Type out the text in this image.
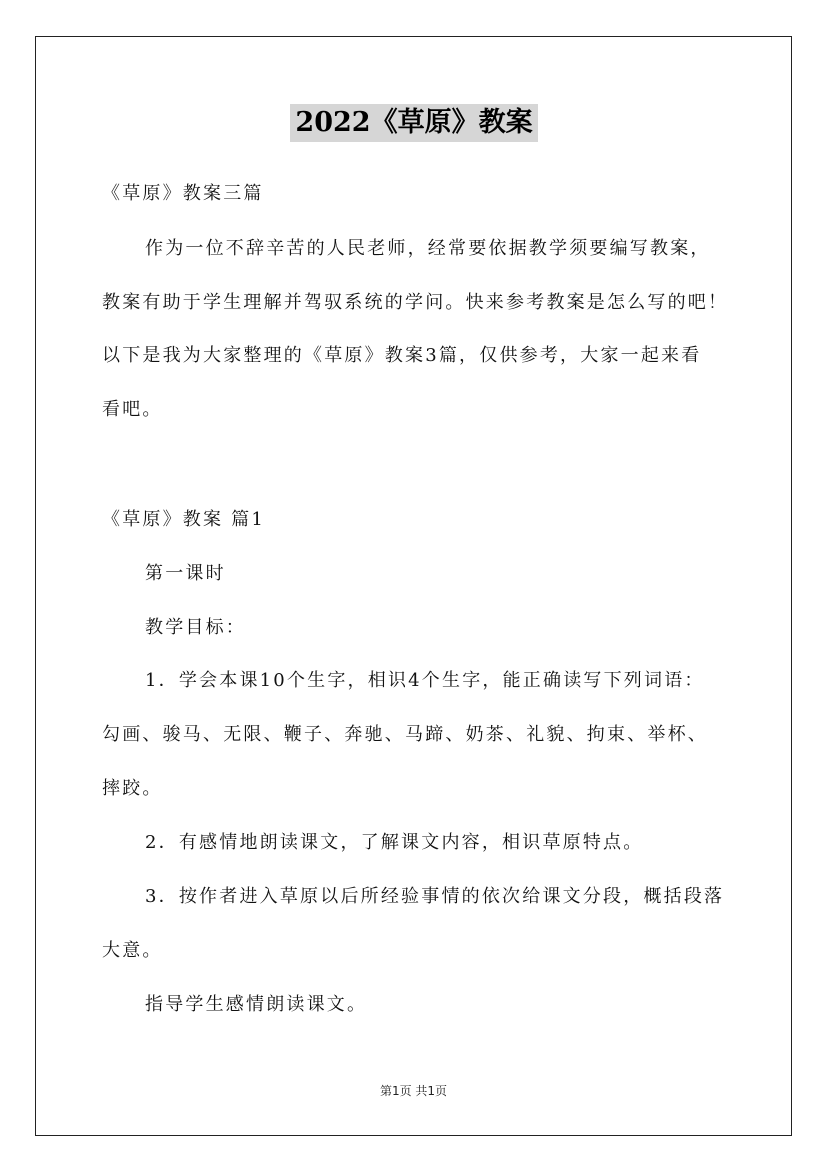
2022《草原》教案

《草原》教案三篇

作为一位不辞辛苦的人民老师，经常要依据教学须要编写教案，

教案有助于学生理解并驾驭系统的学问。快来参考教案是怎么写的吧！

以下是我为大家整理的《草原》教案3篇，仅供参考，大家一起来看

看吧。

《草原》教案 篇1

第一课时

教学目标：

1．学会本课10个生字，相识4个生字，能正确读写下列词语：

勾画、骏马、无限、鞭子、奔驰、马蹄、奶茶、礼貌、拘束、举杯、

摔跤。

2．有感情地朗读课文，了解课文内容，相识草原特点。

3．按作者进入草原以后所经验事情的依次给课文分段，概括段落

大意。

指导学生感情朗读课文。

第1页 共1页
